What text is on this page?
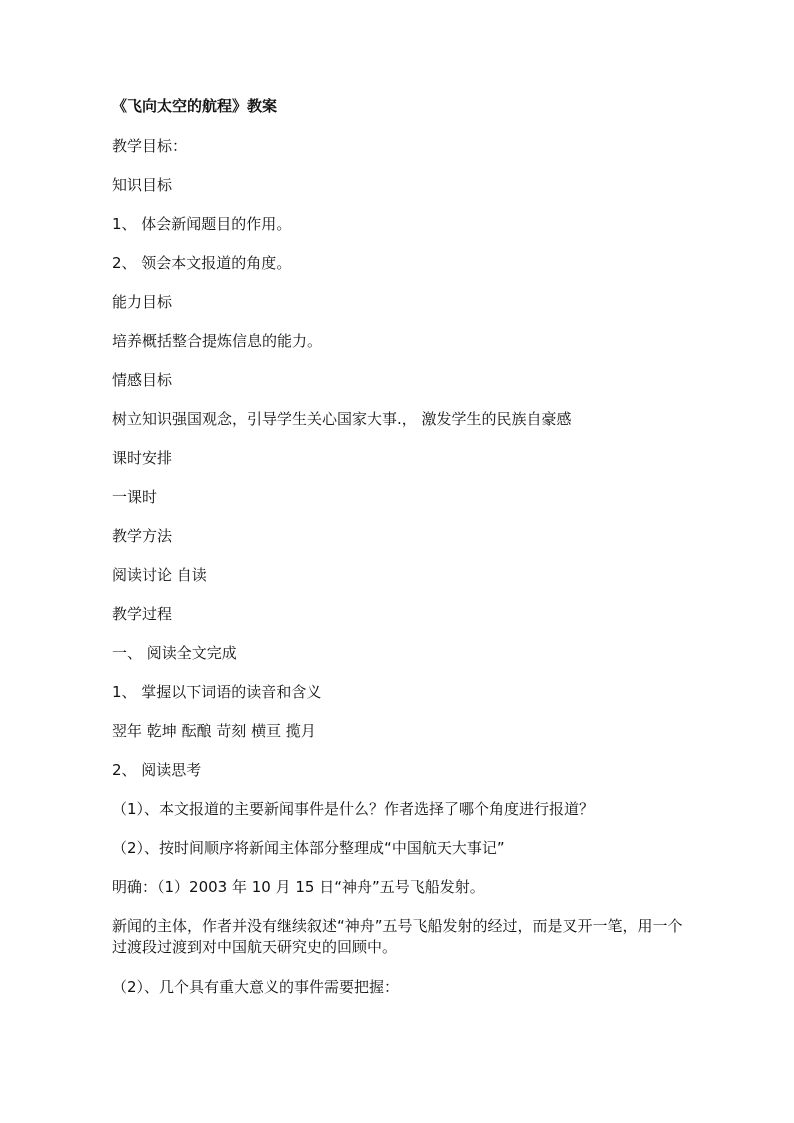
《飞向太空的航程》教案
教学目标：
知识目标
1、 体会新闻题目的作用。
2、 领会本文报道的角度。
能力目标
培养概括整合提炼信息的能力。
情感目标
树立知识强国观念，引导学生关心国家大事.， 激发学生的民族自豪感
课时安排
一课时
教学方法
阅读讨论 自读
教学过程
一、 阅读全文完成
1、 掌握以下词语的读音和含义
翌年 乾坤 酝酿 苛刻 横亘 揽月
2、 阅读思考
（1）、本文报道的主要新闻事件是什么？作者选择了哪个角度进行报道？
（2）、按时间顺序将新闻主体部分整理成“中国航天大事记”
明确：（1）2003 年 10 月 15 日“神舟”五号飞船发射。
新闻的主体，作者并没有继续叙述“神舟”五号飞船发射的经过，而是叉开一笔，用一个过渡段过渡到对中国航天研究史的回顾中。
（2）、几个具有重大意义的事件需要把握：
